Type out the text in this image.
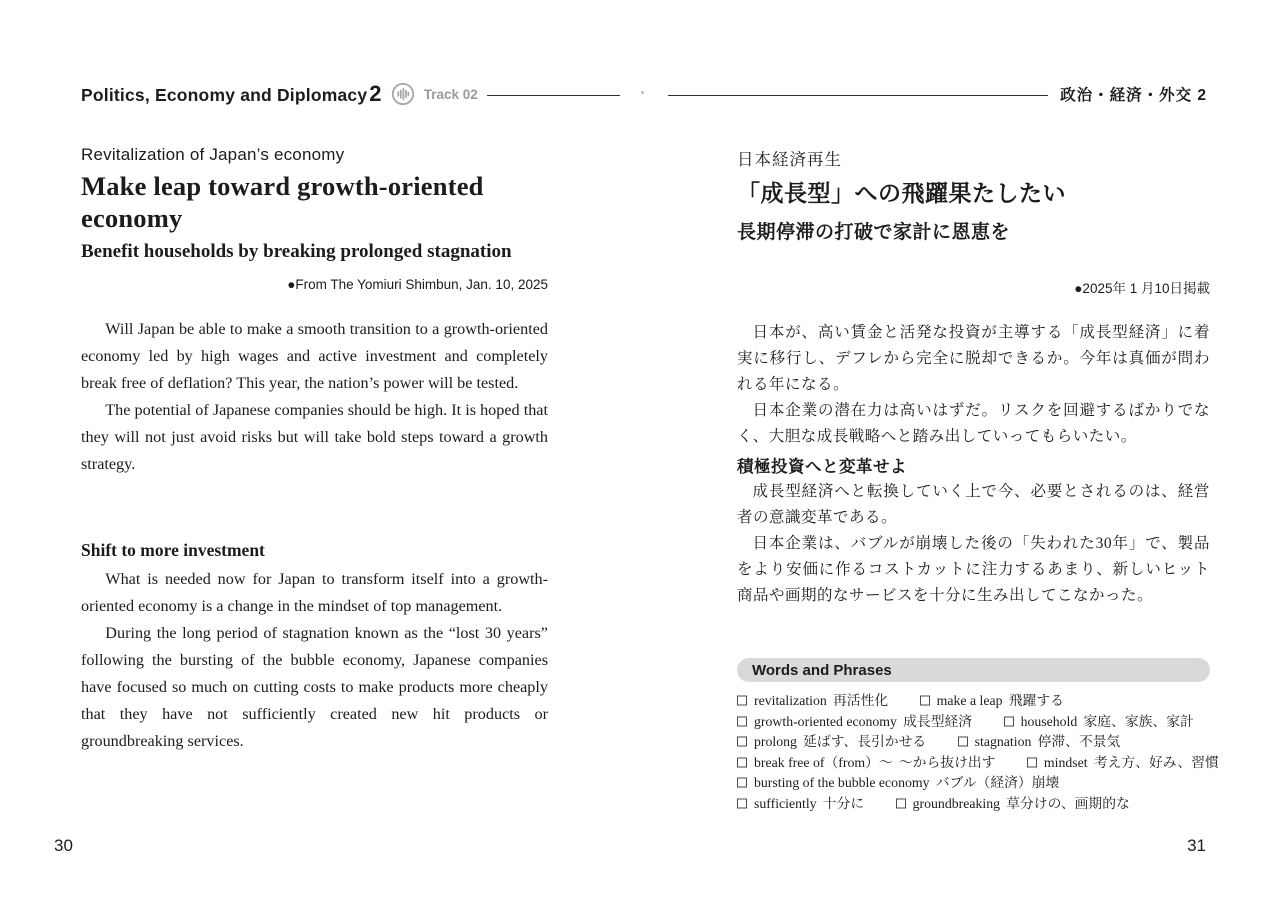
Politics, Economy and Diplomacy2	Track 02
Revitalization of Japan’s economy
Make leap toward growth-oriented economy
Benefit households by breaking prolonged stagnation
●From The Yomiuri Shimbun, Jan. 10, 2025

Will Japan be able to make a smooth transition to a growth-oriented economy led by high wages and active investment and completely break free of deflation? This year, the nation’s power will be tested.

The potential of Japanese companies should be high. It is hoped that they will not just avoid risks but will take bold steps toward a growth strategy.

Shift to more investment

What is needed now for Japan to transform itself into a growth-oriented economy is a change in the mindset of top management.

During the long period of stagnation known as the “lost 30 years” following the bursting of the bubble economy, Japanese companies have focused so much on cutting costs to make products more cheaply that they have not sufficiently created new hit products or groundbreaking services.

30
政治・経済・外交 2
日本経済再生
「成長型」への飛躍果たしたい
長期停滞の打破で家計に恩恵を
●2025年 1 月10日掲載

日本が、高い賃金と活発な投資が主導する「成長型経済」に着実に移行し、デフレから完全に脱却できるか。今年は真価が問われる年になる。

日本企業の潜在力は高いはずだ。リスクを回避するばかりでなく、大胆な成長戦略へと踏み出していってもらいたい。

積極投資へと変革せよ

成長型経済へと転換していく上で今、必要とされるのは、経営者の意識変革である。

日本企業は、バブルが崩壊した後の「失われた30年」で、製品をより安価に作るコストカットに注力するあまり、新しいヒット商品や画期的なサービスを十分に生み出してこなかった。

Words and Phrases
revitalization 再活性化	make a leap 飛躍する
growth-oriented economy 成長型経済	household 家庭、家族、家計
prolong 延ばす、長引かせる	stagnation 停滞、不景気
break free of（from）～ ～から抜け出す	mindset 考え方、好み、習慣
bursting of the bubble economy バブル（経済）崩壊
sufficiently 十分に	groundbreaking 草分けの、画期的な
31
